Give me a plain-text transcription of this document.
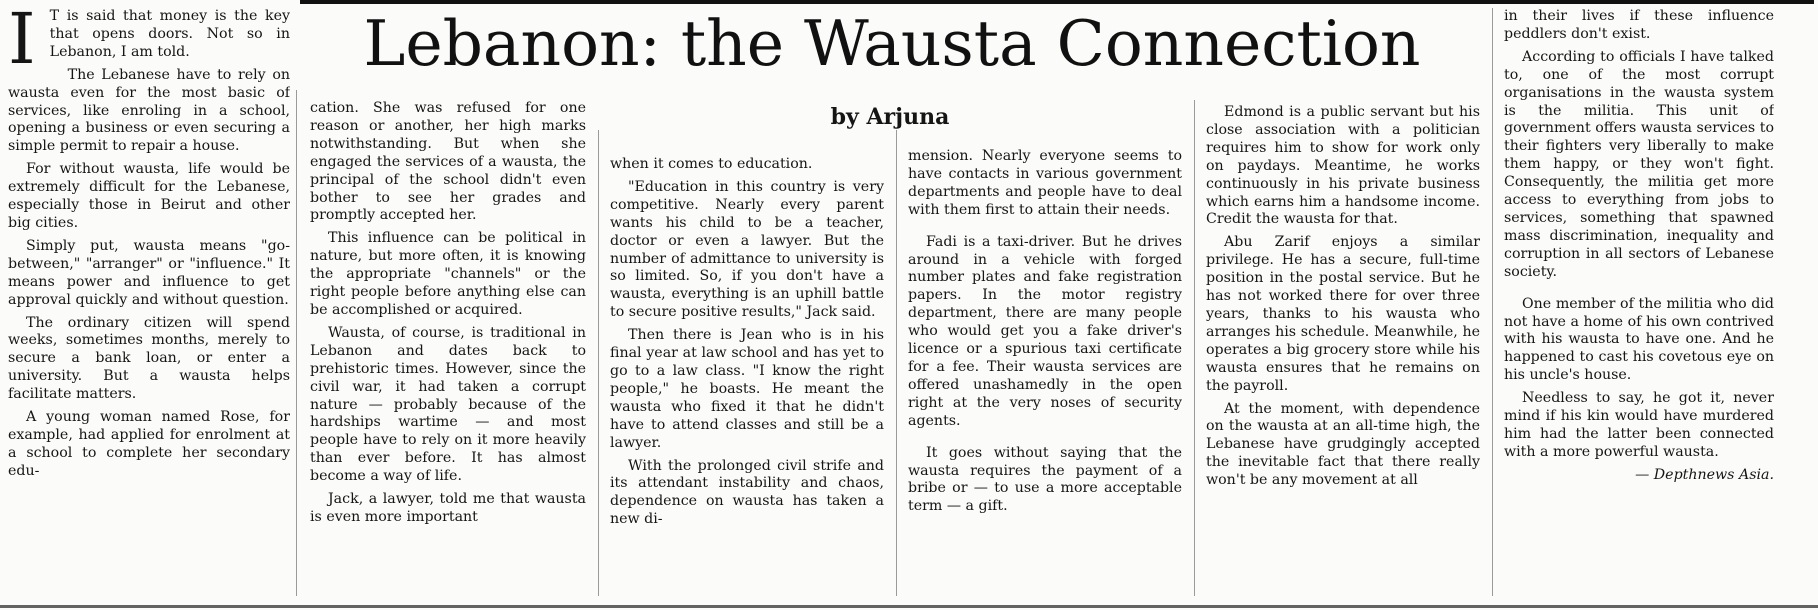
Lebanon: the Wausta Connection
by Arjuna
I T is said that money is the key that opens doors. Not so in Lebanon, I am told.

The Lebanese have to rely on wausta even for the most basic of services, like enroling in a school, opening a business or even securing a simple permit to repair a house.

For without wausta, life would be extremely difficult for the Lebanese, especially those in Beirut and other big cities.

Simply put, wausta means "go-between," "arranger" or "influence." It means power and influence to get approval quickly and without question.

The ordinary citizen will spend weeks, sometimes months, merely to secure a bank loan, or enter a university. But a wausta helps facilitate matters.

A young woman named Rose, for example, had applied for enrolment at a school to complete her secondary edu-

cation. She was refused for one reason or another, her high marks notwithstanding. But when she engaged the services of a wausta, the principal of the school didn't even bother to see her grades and promptly accepted her.

This influence can be political in nature, but more often, it is knowing the appropriate "channels" or the right people before anything else can be accomplished or acquired.

Wausta, of course, is traditional in Lebanon and dates back to prehistoric times. However, since the civil war, it had taken a corrupt nature — probably because of the hardships wartime — and most people have to rely on it more heavily than ever before. It has almost become a way of life.

Jack, a lawyer, told me that wausta is even more important

when it comes to education.

"Education in this country is very competitive. Nearly every parent wants his child to be a teacher, doctor or even a lawyer. But the number of admittance to university is so limited. So, if you don't have a wausta, everything is an uphill battle to secure positive results," Jack said.

Then there is Jean who is in his final year at law school and has yet to go to a law class. "I know the right people," he boasts. He meant the wausta who fixed it that he didn't have to attend classes and still be a lawyer.

With the prolonged civil strife and its attendant instability and chaos, dependence on wausta has taken a new di-

mension. Nearly everyone seems to have contacts in various government departments and people have to deal with them first to attain their needs.

Fadi is a taxi-driver. But he drives around in a vehicle with forged number plates and fake registration papers. In the motor registry department, there are many people who would get you a fake driver's licence or a spurious taxi certificate for a fee. Their wausta services are offered unashamedly in the open right at the very noses of security agents.

It goes without saying that the wausta requires the payment of a bribe or — to use a more acceptable term — a gift.

Edmond is a public servant but his close association with a politician requires him to show for work only on paydays. Meantime, he works continuously in his private business which earns him a handsome income. Credit the wausta for that.

Abu Zarif enjoys a similar privilege. He has a secure, full-time position in the postal service. But he has not worked there for over three years, thanks to his wausta who arranges his schedule. Meanwhile, he operates a big grocery store while his wausta ensures that he remains on the payroll.

At the moment, with dependence on the wausta at an all-time high, the Lebanese have grudgingly accepted the inevitable fact that there really won't be any movement at all

in their lives if these influence peddlers don't exist.

According to officials I have talked to, one of the most corrupt organisations in the wausta system is the militia. This unit of government offers wausta services to their fighters very liberally to make them happy, or they won't fight. Consequently, the militia get more access to everything from jobs to services, something that spawned mass discrimination, inequality and corruption in all sectors of Lebanese society.

One member of the militia who did not have a home of his own contrived with his wausta to have one. And he happened to cast his covetous eye on his uncle's house.

Needless to say, he got it, never mind if his kin would have murdered him had the latter been connected with a more powerful wausta.

— Depthnews Asia.
